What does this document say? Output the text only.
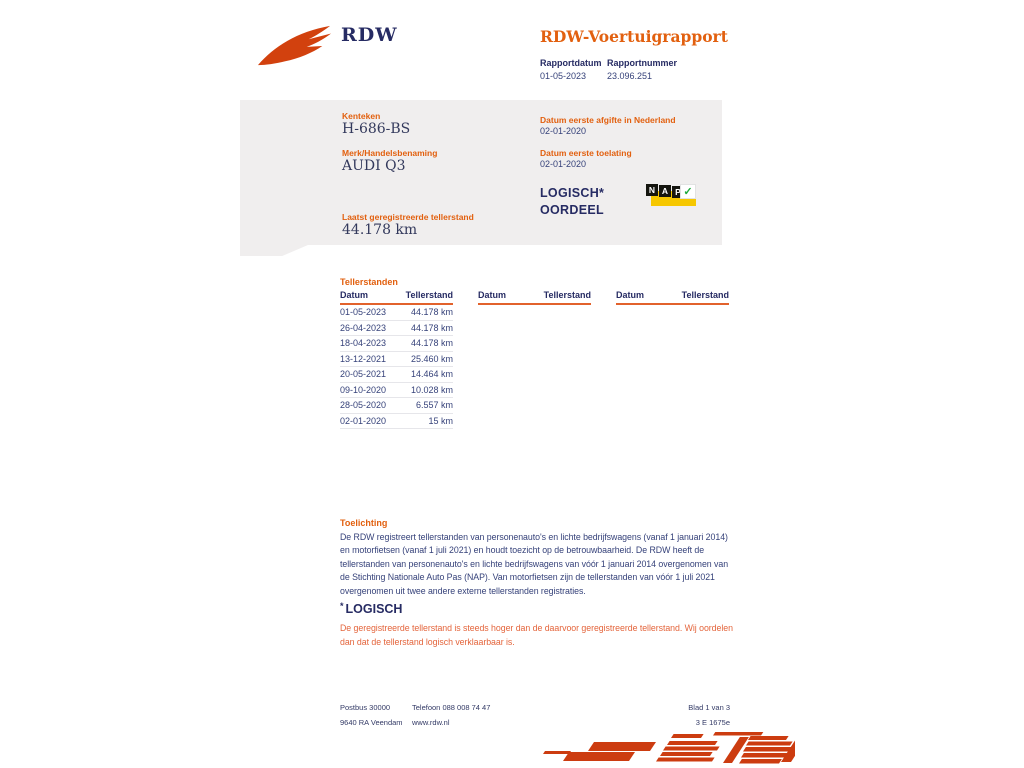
RDW	RDW-Voertuigrapport
Rapportdatum Rapportnummer
01-05-2023	23.096.251
Kenteken
H-686-BS
Merk/Handelsbenaming
AUDI Q3
Laatst geregistreerde tellerstand
44.178 km
Datum eerste afgifte in Nederland
02-01-2020
Datum eerste toelating
02-01-2020
LOGISCH*
OORDEEL
N A P ✓
Tellerstanden
Datum	Tellerstand
01-05-2023	44.178 km
26-04-2023	44.178 km
18-04-2023	44.178 km
13-12-2021	25.460 km
20-05-2021	14.464 km
09-10-2020	10.028 km
28-05-2020	6.557 km
02-01-2020	15 km
Datum	Tellerstand	Datum	Tellerstand
Toelichting

De RDW registreert tellerstanden van personenauto's en lichte bedrijfswagens (vanaf 1 januari 2014) en motorfietsen (vanaf 1 juli 2021) en houdt toezicht op de betrouwbaarheid. De RDW heeft de tellerstanden van personenauto's en lichte bedrijfswagens van vóór 1 januari 2014 overgenomen van de Stichting Nationale Auto Pas (NAP). Van motorfietsen zijn de tellerstanden van vóór 1 juli 2021 overgenomen uit twee andere externe tellerstanden registraties.

* LOGISCH

De geregistreerde tellerstand is steeds hoger dan de daarvoor geregistreerde tellerstand. Wij oordelen dan dat de tellerstand logisch verklaarbaar is.

Postbus 30000
9640 RA Veendam
Telefoon 088 008 74 47
www.rdw.nl
Blad 1 van 3
3 E 1675e
